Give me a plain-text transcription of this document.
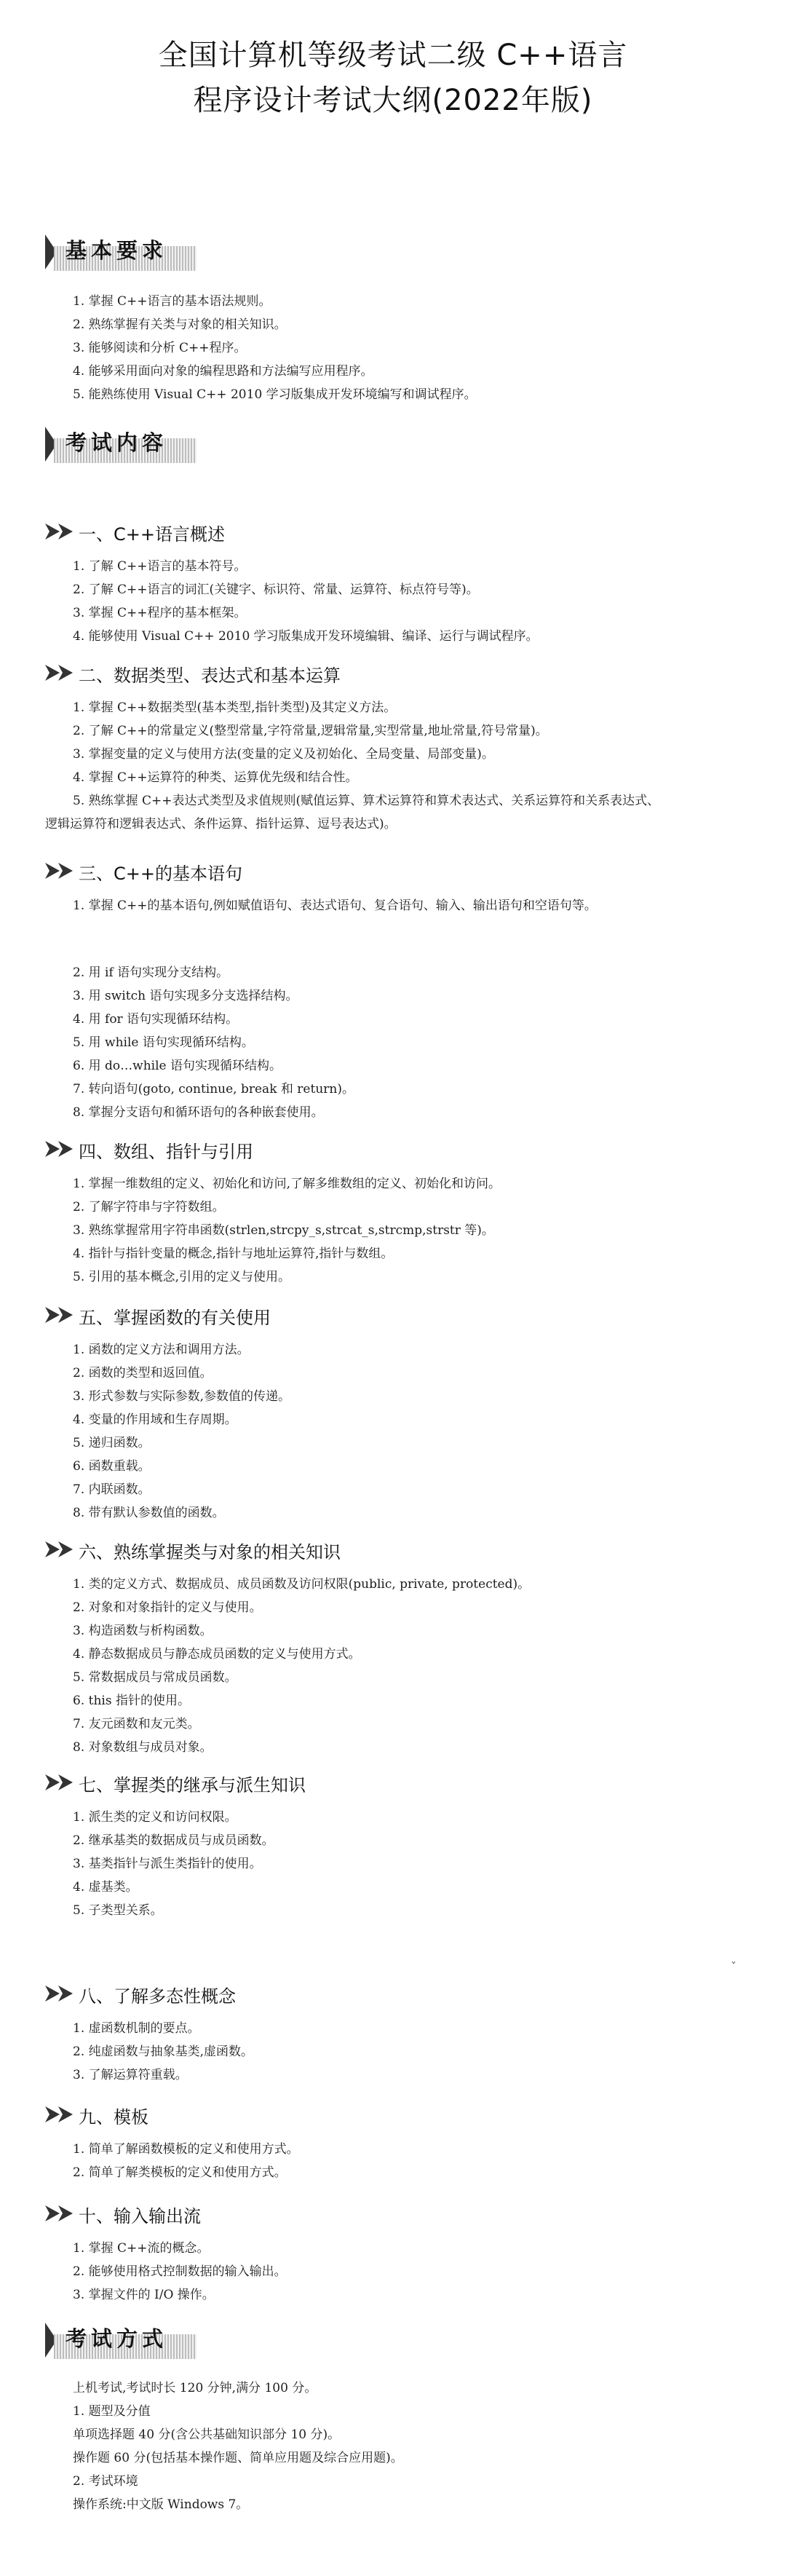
全国计算机等级考试二级 C++语言
程序设计考试大纲(2022年版)
基本要求
1. 掌握 C++语言的基本语法规则。
2. 熟练掌握有关类与对象的相关知识。
3. 能够阅读和分析 C++程序。
4. 能够采用面向对象的编程思路和方法编写应用程序。
5. 能熟练使用 Visual C++ 2010 学习版集成开发环境编写和调试程序。
考试内容
一、C++语言概述
1. 了解 C++语言的基本符号。
2. 了解 C++语言的词汇(关键字、标识符、常量、运算符、标点符号等)。
3. 掌握 C++程序的基本框架。
4. 能够使用 Visual C++ 2010 学习版集成开发环境编辑、编译、运行与调试程序。
二、数据类型、表达式和基本运算
1. 掌握 C++数据类型(基本类型,指针类型)及其定义方法。
2. 了解 C++的常量定义(整型常量,字符常量,逻辑常量,实型常量,地址常量,符号常量)。
3. 掌握变量的定义与使用方法(变量的定义及初始化、全局变量、局部变量)。
4. 掌握 C++运算符的种类、运算优先级和结合性。
5. 熟练掌握 C++表达式类型及求值规则(赋值运算、算术运算符和算术表达式、关系运算符和关系表达式、
逻辑运算符和逻辑表达式、条件运算、指针运算、逗号表达式)。
三、C++的基本语句
1. 掌握 C++的基本语句,例如赋值语句、表达式语句、复合语句、输入、输出语句和空语句等。
2. 用 if 语句实现分支结构。
3. 用 switch 语句实现多分支选择结构。
4. 用 for 语句实现循环结构。
5. 用 while 语句实现循环结构。
6. 用 do…while 语句实现循环结构。
7. 转向语句(goto, continue, break 和 return)。
8. 掌握分支语句和循环语句的各种嵌套使用。
四、数组、指针与引用
1. 掌握一维数组的定义、初始化和访问,了解多维数组的定义、初始化和访问。
2. 了解字符串与字符数组。
3. 熟练掌握常用字符串函数(strlen,strcpy_s,strcat_s,strcmp,strstr 等)。
4. 指针与指针变量的概念,指针与地址运算符,指针与数组。
5. 引用的基本概念,引用的定义与使用。
五、掌握函数的有关使用
1. 函数的定义方法和调用方法。
2. 函数的类型和返回值。
3. 形式参数与实际参数,参数值的传递。
4. 变量的作用域和生存周期。
5. 递归函数。
6. 函数重载。
7. 内联函数。
8. 带有默认参数值的函数。
六、熟练掌握类与对象的相关知识
1. 类的定义方式、数据成员、成员函数及访问权限(public, private, protected)。
2. 对象和对象指针的定义与使用。
3. 构造函数与析构函数。
4. 静态数据成员与静态成员函数的定义与使用方式。
5. 常数据成员与常成员函数。
6. this 指针的使用。
7. 友元函数和友元类。
8. 对象数组与成员对象。
七、掌握类的继承与派生知识
1. 派生类的定义和访问权限。
2. 继承基类的数据成员与成员函数。
3. 基类指针与派生类指针的使用。
4. 虚基类。
5. 子类型关系。
ˇ
八、了解多态性概念
1. 虚函数机制的要点。
2. 纯虚函数与抽象基类,虚函数。
3. 了解运算符重载。
九、模板
1. 简单了解函数模板的定义和使用方式。
2. 简单了解类模板的定义和使用方式。
十、输入输出流
1. 掌握 C++流的概念。
2. 能够使用格式控制数据的输入输出。
3. 掌握文件的 I/O 操作。
考试方式
上机考试,考试时长 120 分钟,满分 100 分。
1. 题型及分值
单项选择题 40 分(含公共基础知识部分 10 分)。
操作题 60 分(包括基本操作题、简单应用题及综合应用题)。
2. 考试环境
操作系统:中文版 Windows 7。
